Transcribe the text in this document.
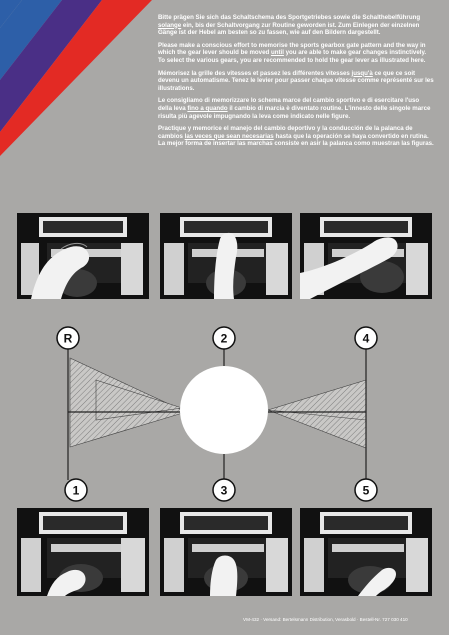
Bitte prägen Sie sich das Schaltschema des Sportgetriebes sowie die Schalthebelführung solange ein, bis der Schaltvorgang zur Routine geworden ist. Zum Einlegen der einzelnen Gänge ist der Hebel am besten so zu fassen, wie auf den Bildern dargestellt.

Please make a conscious effort to memorise the sports gearbox gate pattern and the way in which the gear lever should be moved until you are able to make gear changes instinctively. To select the various gears, you are recommended to hold the gear lever as illustrated here.

Mémorisez la grille des vitesses et passez les différentes vitesses jusqu'à ce que ce soit devenu un automatisme. Tenez le levier pour passer chaque vitesse comme représenté sur les illustrations.

Le consigliamo di memorizzare lo schema marce del cambio sportivo e di esercitare l'uso della leva fino a quando il cambio di marcia è diventato routine. L'innesto delle singole marce risulta più agevole impugnando la leva come indicato nelle figure.

Practique y memorice el manejo del cambio deportivo y la conducción de la palanca de cambios las veces que sean necesarias hasta que la operación se haya convertido en rutina. La mejor forma de insertar las marchas consiste en asir la palanca como muestran las figuras.

R	2	4
1	3	5
VM-432 · Versand: Bertelsmann Distribution, Verasbold · Bestell-Nr. 727 030 410
